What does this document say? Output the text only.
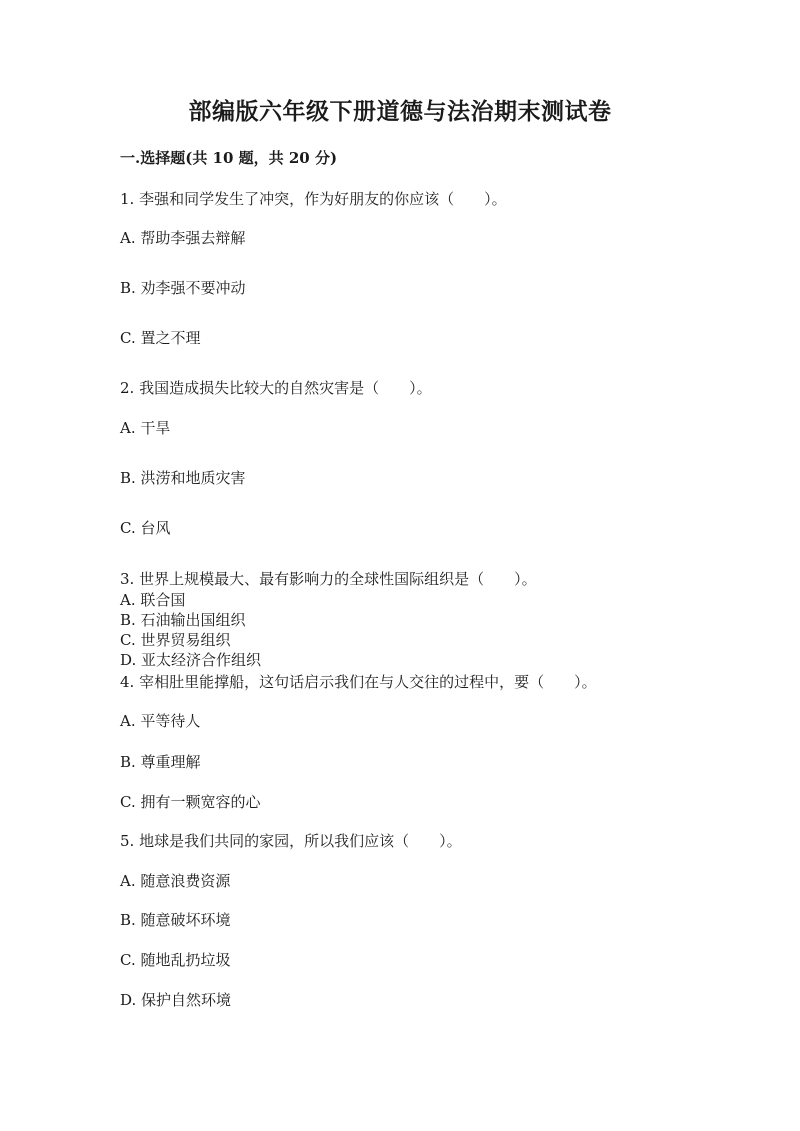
部编版六年级下册道德与法治期末测试卷
一.选择题(共 10 题，共 20 分)
1. 李强和同学发生了冲突，作为好朋友的你应该（　　）。
A. 帮助李强去辩解
B. 劝李强不要冲动
C. 置之不理
2. 我国造成损失比较大的自然灾害是（　　）。
A. 干旱
B. 洪涝和地质灾害
C. 台风
3. 世界上规模最大、最有影响力的全球性国际组织是（　　）。
A. 联合国
B. 石油输出国组织
C. 世界贸易组织
D. 亚太经济合作组织
4. 宰相肚里能撑船，这句话启示我们在与人交往的过程中，要（　　）。
A. 平等待人
B. 尊重理解
C. 拥有一颗宽容的心
5. 地球是我们共同的家园，所以我们应该（　　）。
A. 随意浪费资源
B. 随意破坏环境
C. 随地乱扔垃圾
D. 保护自然环境
